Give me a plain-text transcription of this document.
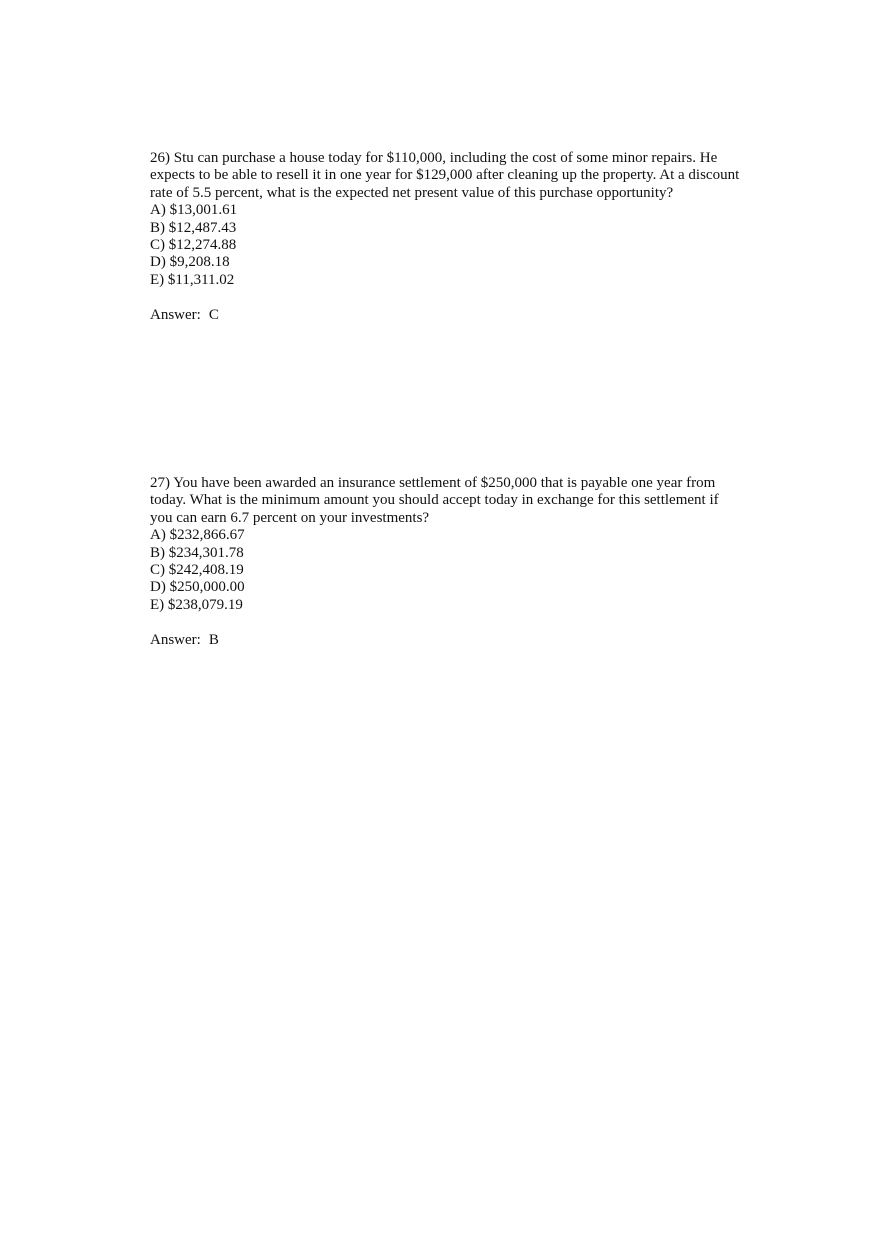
26) Stu can purchase a house today for $110,000, including the cost of some minor repairs. He expects to be able to resell it in one year for $129,000 after cleaning up the property. At a discount rate of 5.5 percent, what is the expected net present value of this purchase opportunity?

A) $13,001.61
B) $12,487.43
C) $12,274.88
D) $9,208.18
E) $11,311.02
Answer: C

27) You have been awarded an insurance settlement of $250,000 that is payable one year from today. What is the minimum amount you should accept today in exchange for this settlement if you can earn 6.7 percent on your investments?

A) $232,866.67
B) $234,301.78
C) $242,408.19
D) $250,000.00
E) $238,079.19
Answer: B
